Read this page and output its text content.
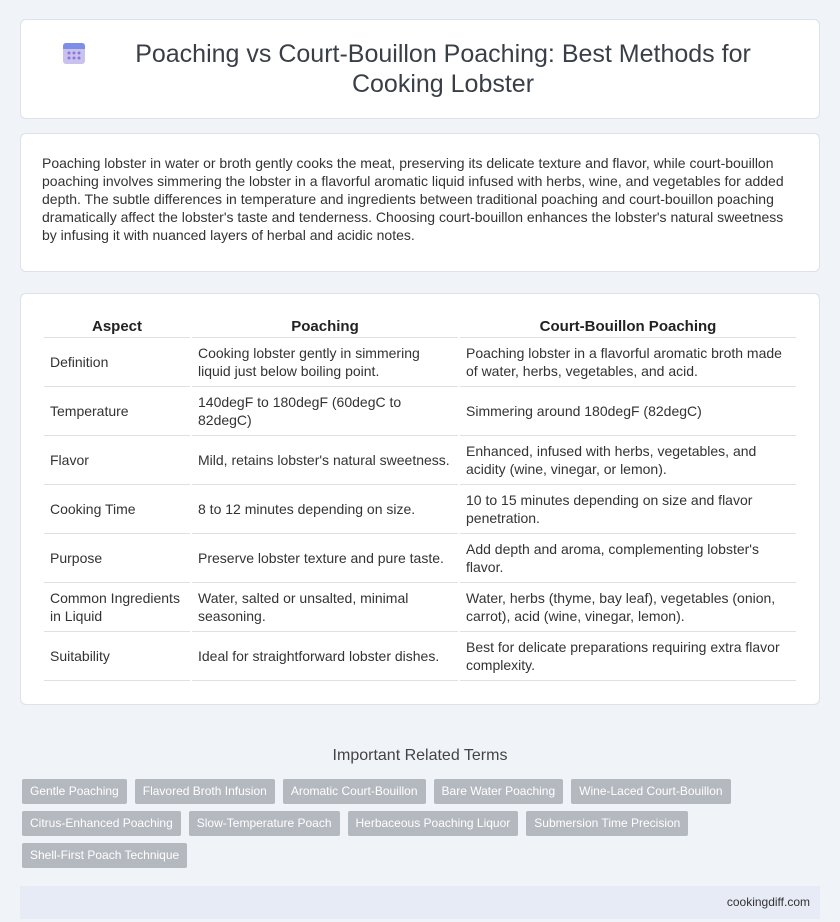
Poaching vs Court-Bouillon Poaching: Best Methods for Cooking Lobster

Poaching lobster in water or broth gently cooks the meat, preserving its delicate texture and flavor, while court-bouillon poaching involves simmering the lobster in a flavorful aromatic liquid infused with herbs, wine, and vegetables for added depth. The subtle differences in temperature and ingredients between traditional poaching and court-bouillon poaching dramatically affect the lobster's taste and tenderness. Choosing court-bouillon enhances the lobster's natural sweetness by infusing it with nuanced layers of herbal and acidic notes.

Aspect	Poaching	Court-Bouillon Poaching
Definition	Cooking lobster gently in simmering liquid just below boiling point.	Poaching lobster in a flavorful aromatic broth made of water, herbs, vegetables, and acid.
Temperature	140degF to 180degF (60degC to 82degC)	Simmering around 180degF (82degC)
Flavor	Mild, retains lobster's natural sweetness.	Enhanced, infused with herbs, vegetables, and acidity (wine, vinegar, or lemon).
Cooking Time	8 to 12 minutes depending on size.	10 to 15 minutes depending on size and flavor penetration.
Purpose	Preserve lobster texture and pure taste.	Add depth and aroma, complementing lobster's flavor.
Common Ingredients in Liquid	Water, salted or unsalted, minimal seasoning.	Water, herbs (thyme, bay leaf), vegetables (onion, carrot), acid (wine, vinegar, lemon).
Suitability	Ideal for straightforward lobster dishes.	Best for delicate preparations requiring extra flavor complexity.
Important Related Terms
Gentle Poaching	Flavored Broth Infusion	Aromatic Court-Bouillon	Bare Water Poaching	Wine-Laced Court-Bouillon
Citrus-Enhanced Poaching	Slow-Temperature Poach	Herbaceous Poaching Liquor	Submersion Time Precision
Shell-First Poach Technique
cookingdiff.com
